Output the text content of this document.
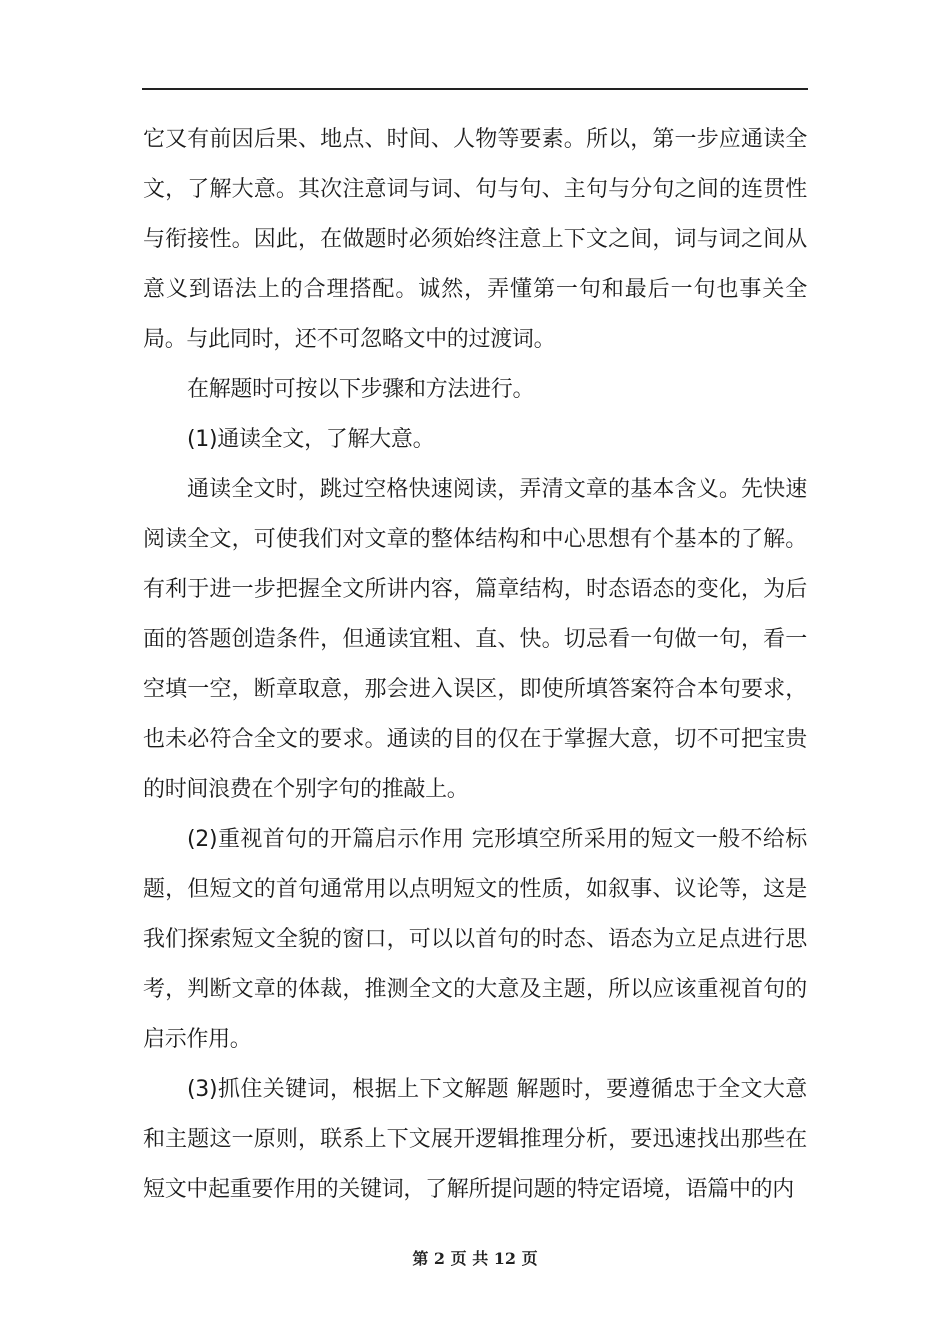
它又有前因后果、地点、时间、人物等要素。所以，第一步应通读全文，了解大意。其次注意词与词、句与句、主句与分句之间的连贯性与衔接性。因此，在做题时必须始终注意上下文之间，词与词之间从意义到语法上的合理搭配。诚然，弄懂第一句和最后一句也事关全局。与此同时，还不可忽略文中的过渡词。

在解题时可按以下步骤和方法进行。

(1)通读全文，了解大意。

通读全文时，跳过空格快速阅读，弄清文章的基本含义。先快速阅读全文，可使我们对文章的整体结构和中心思想有个基本的了解。有利于进一步把握全文所讲内容，篇章结构，时态语态的变化，为后面的答题创造条件，但通读宜粗、直、快。切忌看一句做一句，看一空填一空，断章取意，那会进入误区，即使所填答案符合本句要求，也未必符合全文的要求。通读的目的仅在于掌握大意，切不可把宝贵的时间浪费在个别字句的推敲上。

(2)重视首句的开篇启示作用 完形填空所采用的短文一般不给标题，但短文的首句通常用以点明短文的性质，如叙事、议论等，这是我们探索短文全貌的窗口，可以以首句的时态、语态为立足点进行思考，判断文章的体裁，推测全文的大意及主题，所以应该重视首句的启示作用。

(3)抓住关键词，根据上下文解题 解题时，要遵循忠于全文大意和主题这一原则，联系上下文展开逻辑推理分析，要迅速找出那些在短文中起重要作用的关键词，了解所提问题的特定语境，语篇中的内

第 2 页 共 12 页
